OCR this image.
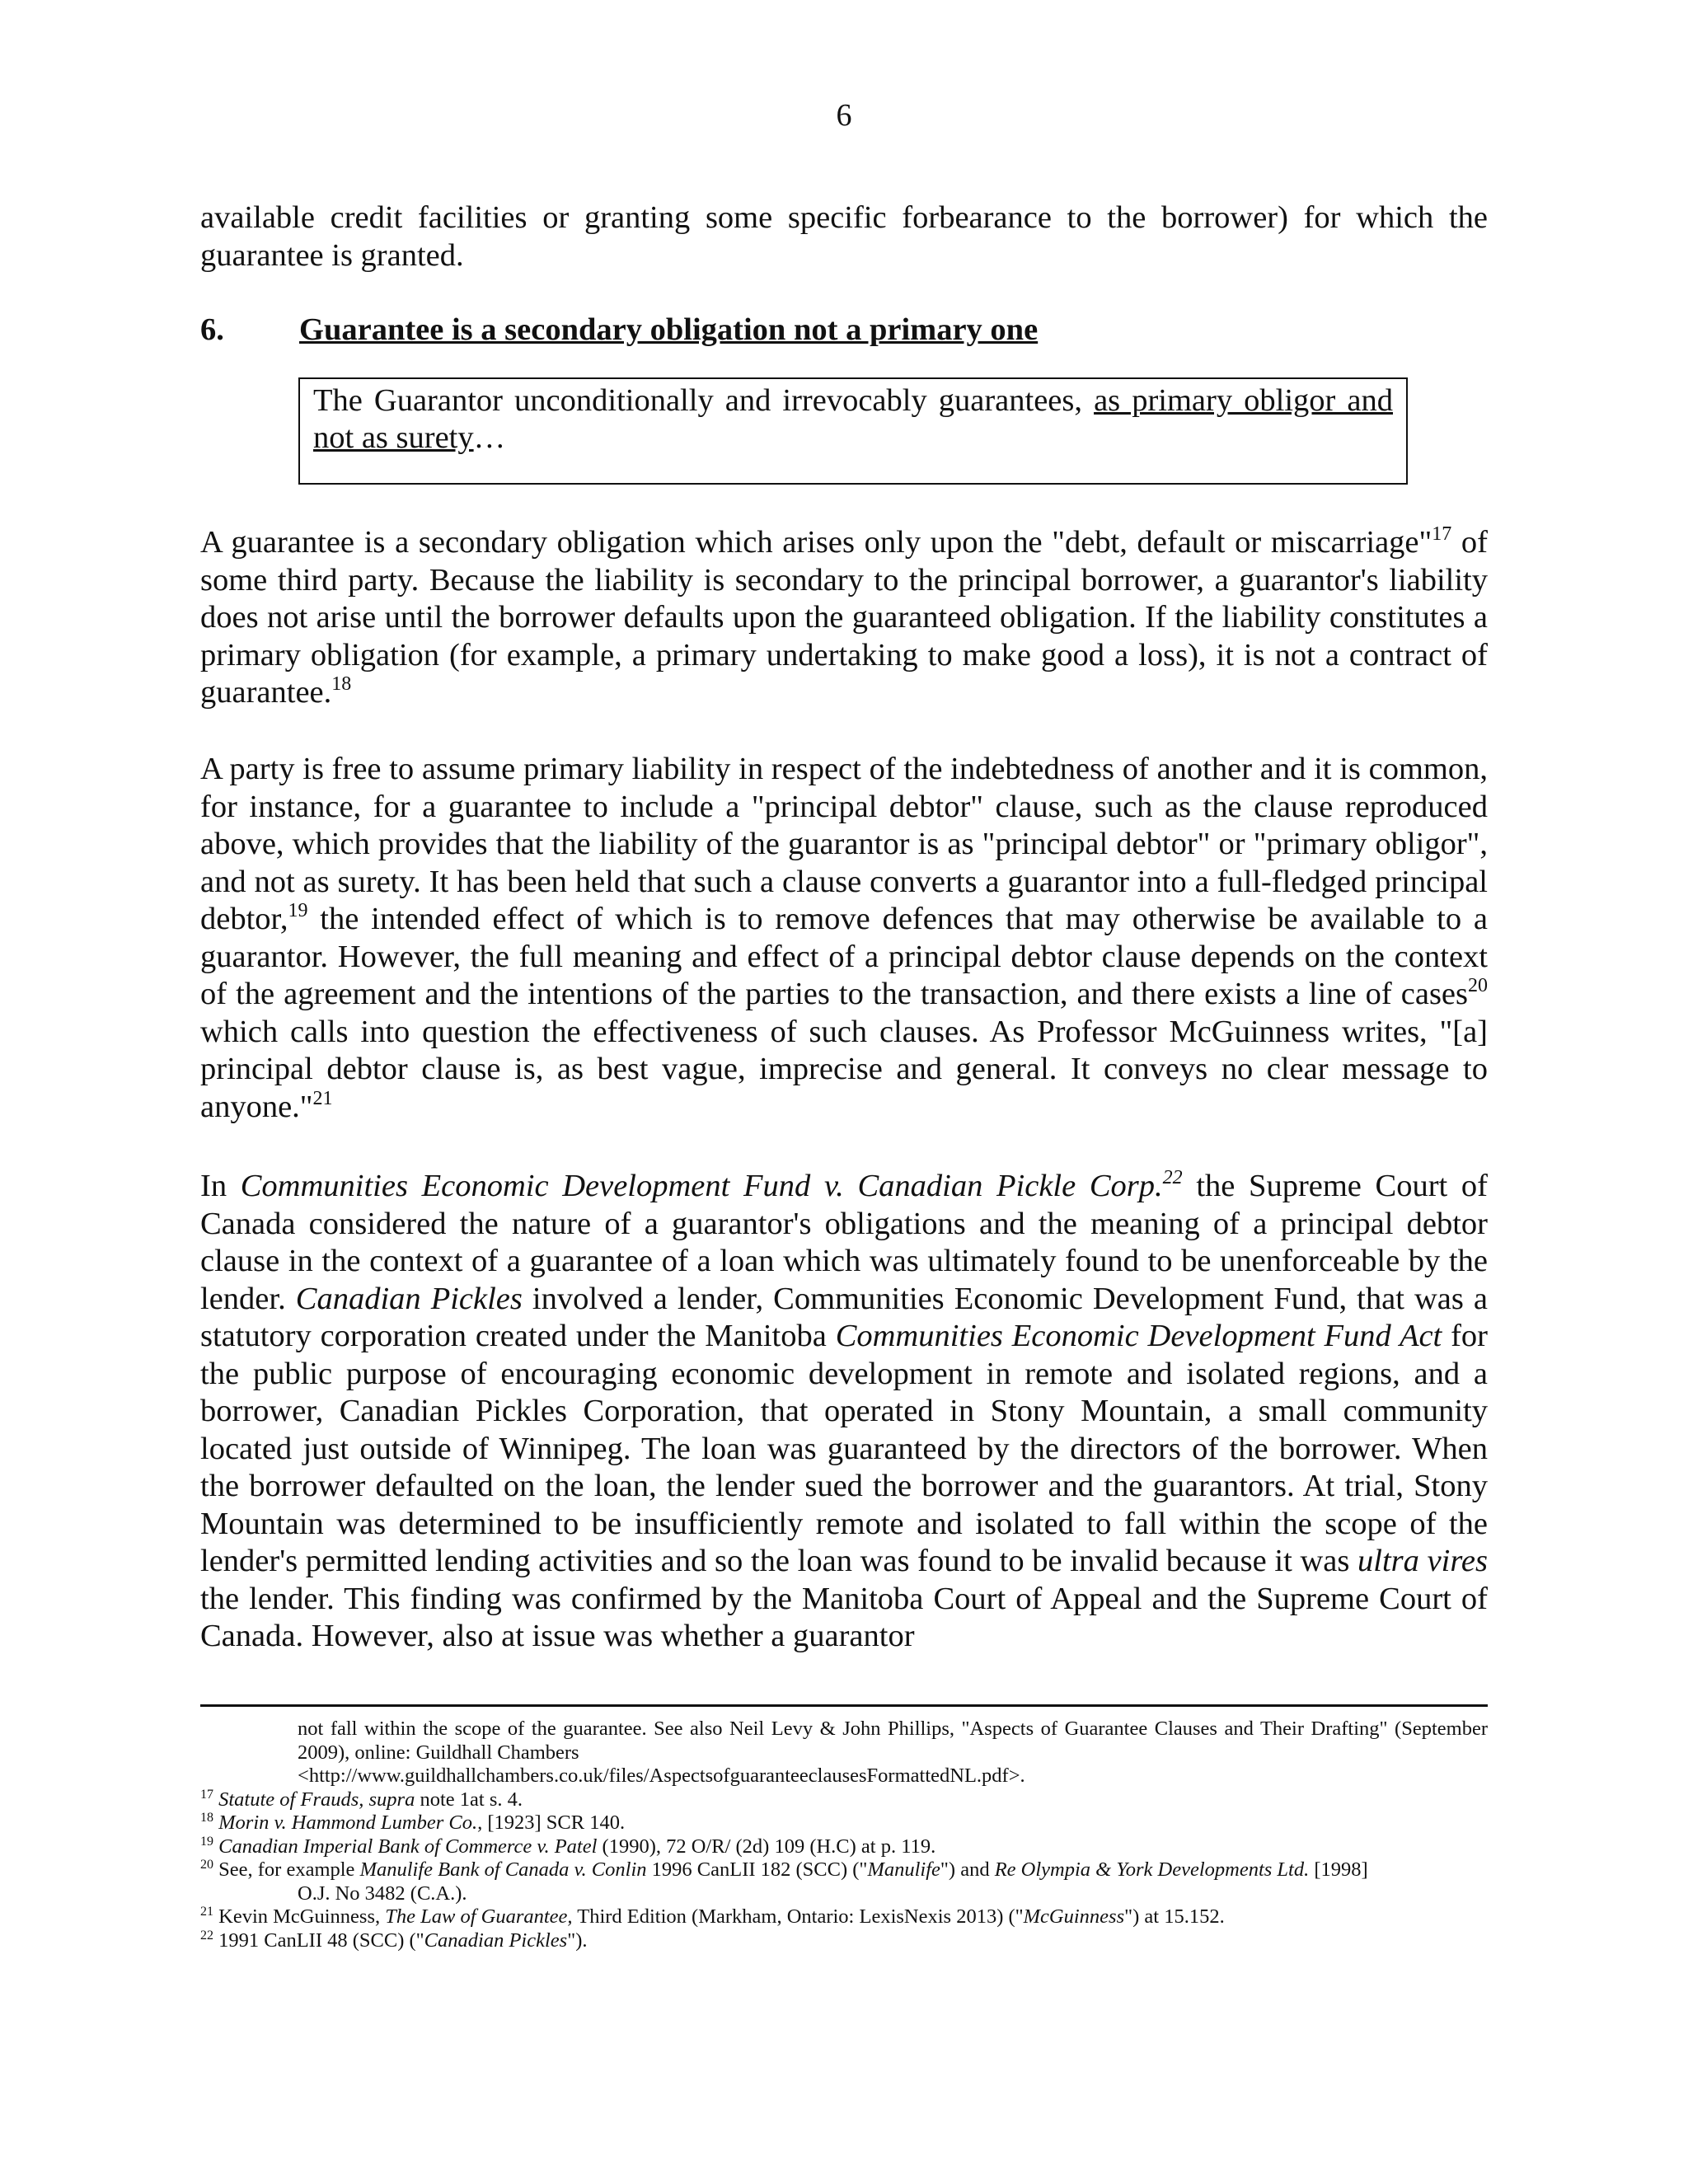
6

available credit facilities or granting some specific forbearance to the borrower) for which the guarantee is granted.

6. Guarantee is a secondary obligation not a primary one
The Guarantor unconditionally and irrevocably guarantees, as primary obligor and not as surety…

A guarantee is a secondary obligation which arises only upon the "debt, default or miscarriage"$^{17}$ of some third party. Because the liability is secondary to the principal borrower, a guarantor's liability does not arise until the borrower defaults upon the guaranteed obligation. If the liability constitutes a primary obligation (for example, a primary undertaking to make good a loss), it is not a contract of guarantee.$^{18}$

A party is free to assume primary liability in respect of the indebtedness of another and it is common, for instance, for a guarantee to include a "principal debtor" clause, such as the clause reproduced above, which provides that the liability of the guarantor is as "principal debtor" or "primary obligor", and not as surety. It has been held that such a clause converts a guarantor into a full-fledged principal debtor,$^{19}$ the intended effect of which is to remove defences that may otherwise be available to a guarantor. However, the full meaning and effect of a principal debtor clause depends on the context of the agreement and the intentions of the parties to the transaction, and there exists a line of cases$^{20}$ which calls into question the effectiveness of such clauses. As Professor McGuinness writes, "[a] principal debtor clause is, as best vague, imprecise and general. It conveys no clear message to anyone."$^{21}$

In Communities Economic Development Fund v. Canadian Pickle Corp.$^{22}$ the Supreme Court of Canada considered the nature of a guarantor's obligations and the meaning of a principal debtor clause in the context of a guarantee of a loan which was ultimately found to be unenforceable by the lender. Canadian Pickles involved a lender, Communities Economic Development Fund, that was a statutory corporation created under the Manitoba Communities Economic Development Fund Act for the public purpose of encouraging economic development in remote and isolated regions, and a borrower, Canadian Pickles Corporation, that operated in Stony Mountain, a small community located just outside of Winnipeg. The loan was guaranteed by the directors of the borrower. When the borrower defaulted on the loan, the lender sued the borrower and the guarantors. At trial, Stony Mountain was determined to be insufficiently remote and isolated to fall within the scope of the lender's permitted lending activities and so the loan was found to be invalid because it was ultra vires the lender. This finding was confirmed by the Manitoba Court of Appeal and the Supreme Court of Canada. However, also at issue was whether a guarantor

not fall within the scope of the guarantee. See also Neil Levy & John Phillips, "Aspects of Guarantee Clauses and Their Drafting" (September 2009), online: Guildhall Chambers
<http://www.guildhallchambers.co.uk/files/AspectsofguaranteeclausesFormattedNL.pdf>.

$^{17}$ Statute of Frauds, supra note 1at s. 4.

$^{18}$ Morin v. Hammond Lumber Co., [1923] SCR 140.

$^{19}$ Canadian Imperial Bank of Commerce v. Patel (1990), 72 O/R/ (2d) 109 (H.C) at p. 119.

$^{20}$ See, for example Manulife Bank of Canada v. Conlin 1996 CanLII 182 (SCC) ("Manulife") and Re Olympia & York Developments Ltd. [1998]
O.J. No 3482 (C.A.).

$^{21}$ Kevin McGuinness, The Law of Guarantee, Third Edition (Markham, Ontario: LexisNexis 2013) ("McGuinness") at 15.152.

$^{22}$ 1991 CanLII 48 (SCC) ("Canadian Pickles").
